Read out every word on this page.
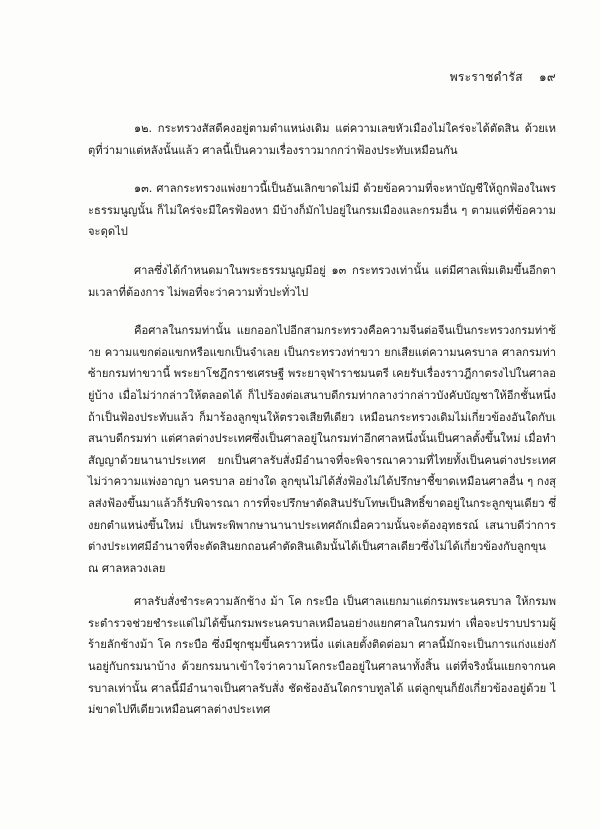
พระราชดำรัส ๑๙

๑๒. กระทรวงสัสดีคงอยู่ตามตำแหน่งเดิม แต่ความเลขหัวเมืองไม่ใคร่จะได้ตัดสิน ด้วยเหตุที่ว่ามาแต่หลังนั้นแล้ว ศาลนี้เป็นความเรื่องราวมากกว่าฟ้องประทับเหมือนกัน

๑๓. ศาลกระทรวงแพ่งยาวนี้เป็นอันเลิกขาดไม่มี ด้วยข้อความที่จะหาบัญชีให้ถูกฟ้องในพระธรรมนูญนั้น ก็ไม่ใคร่จะมีใครฟ้องหา มีบ้างก็มักไปอยู่ในกรมเมืองและกรมอื่น ๆ ตามแต่ที่ข้อความจะดุดไป

ศาลซึ่งได้กำหนดมาในพระธรรมนูญมีอยู่ ๑๓ กระทรวงเท่านั้น แต่มีศาลเพิ่มเติมขึ้นอีกตามเวลาที่ต้องการ ไม่พอที่จะว่าความทั่วปะทั่วไป

คือศาลในกรมท่านั้น แยกออกไปอีกสามกระทรวงคือความจีนต่อจีนเป็นกระทรวงกรมท่าซ้าย ความแขกต่อแขกหรือแขกเป็นจำเลย เป็นกระทรวงท่าขวา ยกเสียแต่ความนครบาล ศาลกรมท่าซ้ายกรมท่าขวานี้ พระยาโชฎึกราชเศรษฐี พระยาจุฬาราชมนตรี เคยรับเรื่องราวฎีกาตรงไปในศาลอยู่บ้าง เมื่อไม่ว่ากล่าวให้ตลอดได้ ก็ไปร้องต่อเสนาบดีกรมท่ากลางว่ากล่าวบังคับบัญชาให้อีกชั้นหนึ่ง ถ้าเป็นฟ้องประทับแล้ว ก็มาร้องลูกขุนให้ตรวจเสียทีเดียว เหมือนกระทรวงเดิมไม่เกี่ยวข้องอันใดกับเสนาบดีกรมท่า แต่ศาลต่างประเทศซึ่งเป็นศาลอยู่ในกรมท่าอีกศาลหนึ่งนั้นเป็นศาลตั้งขึ้นใหม่ เมื่อทำสัญญาด้วยนานาประเทศ ยกเป็นศาลรับสั่งมีอำนาจที่จะพิจารณาความที่ไทยทั้งเป็นคนต่างประเทศ ไม่ว่าความแพ่งอาญา นครบาล อย่างใด ลูกขุนไม่ได้สั่งฟ้องไม่ได้ปรึกษาชี้ขาดเหมือนศาลอื่น ๆ กงสุลส่งฟ้องขึ้นมาแล้วก็รับพิจารณา การที่จะปรึกษาตัดสินปรับโทษเป็นสิทธิ์ขาดอยู่ในกระลูกขุนเดียว ซึ่งยกตำแหน่งขึ้นใหม่ เป็นพระพิพากษานานาประเทศถักเมื่อความนั้นจะต้องอุทธรณ์ เสนาบดีว่าการต่างประเทศมีอำนาจที่จะตัดสินยกถอนคำตัดสินเดิมนั้นได้เป็นศาลเดียวซึ่งไม่ได้เกี่ยวข้องกับลูกขุน ณ ศาลหลวงเลย

ศาลรับสั่งชำระความลักช้าง ม้า โค กระบือ เป็นศาลแยกมาแต่กรมพระนครบาล ให้กรมพระตำรวจช่วยชำระแต่ไม่ได้ขึ้นกรมพระนครบาลเหมือนอย่างแยกศาลในกรมท่า เพื่อจะปราบปรามผู้ร้ายลักช้างม้า โค กระบือ ซึ่งมีชุกชุมขึ้นคราวหนึ่ง แต่เลยตั้งติดต่อมา ศาลนี้มักจะเป็นการแก่งแย่งกันอยู่กับกรมนาบ้าง ด้วยกรมนาเข้าใจว่าความโคกระบืออยู่ในศาลนาทั้งสิ้น แต่ที่จริงนั้นแยกจากนครบาลเท่านั้น ศาลนี้มีอำนาจเป็นศาลรับสั่ง ชัดช้องอันใดกราบทูลได้ แต่ลูกขุนก็ยังเกี่ยวข้องอยู่ด้วย ไม่ขาดไปทีเดียวเหมือนศาลต่างประเทศ
